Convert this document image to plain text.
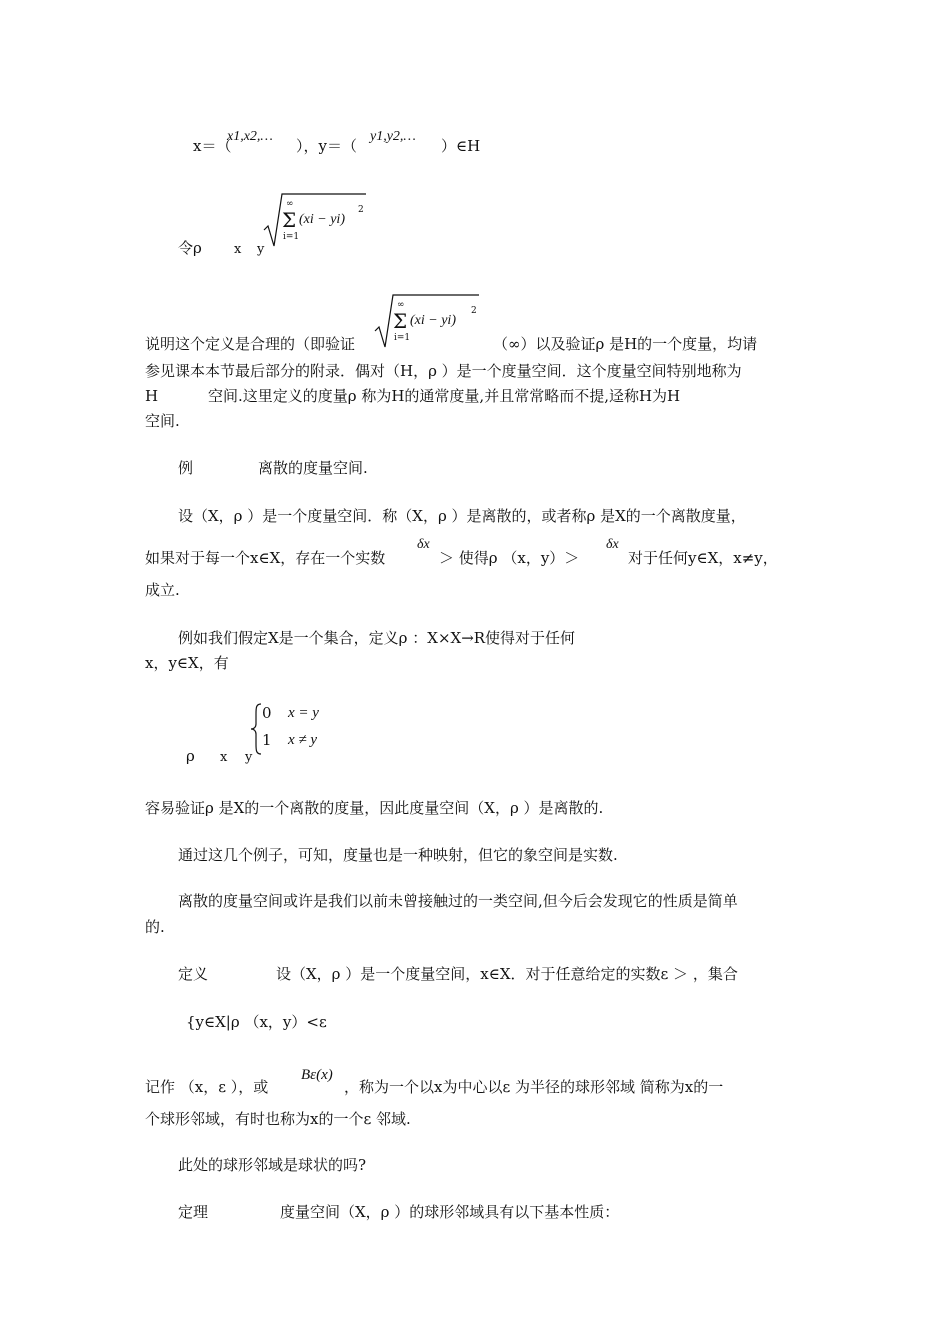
x＝（
x1,x2,…
），y＝（
y1,y2,…
）∈H
令ρ x y
∞
Σ
i=1
(xi − yi)
2
∞
Σ
i=1
(xi − yi)
2
说明这个定义是合理的（即验证	（∞）以及验证ρ 是H的一个度量，均请
参见课本本节最后部分的附录．偶对（H，ρ ）是一个度量空间．这个度量空间特别地称为
H	空间.这里定义的度量ρ 称为H的通常度量,并且常常略而不提,迳称H为H
空间.
例	离散的度量空间.
设（X，ρ ）是一个度量空间．称（X，ρ ）是离散的，或者称ρ 是X的一个离散度量，
如果对于每一个x∈X，存在一个实数
δx
＞ 使得ρ （x，y）＞
δx
对于任何y∈X，x≠y，
成立.
例如我们假定X是一个集合，定义ρ ：X×X→R使得对于任何
x，y∈X，有
ρ x y
0 x = y
1 x ≠ y
容易验证ρ 是X的一个离散的度量，因此度量空间（X，ρ ）是离散的.
通过这几个例子，可知，度量也是一种映射，但它的象空间是实数.
离散的度量空间或许是我们以前未曾接触过的一类空间,但今后会发现它的性质是简单
的.
定义	设（X，ρ ）是一个度量空间，x∈X．对于任意给定的实数ε ＞ ，集合
{y∈X|ρ （x，y）<ε
记作 （x，ε ），或
Bε(x)
，称为一个以x为中心以ε 为半径的球形邻域 简称为x的一
个球形邻域，有时也称为x的一个ε 邻域.
此处的球形邻域是球状的吗?
定理	度量空间（X，ρ ）的球形邻域具有以下基本性质：
